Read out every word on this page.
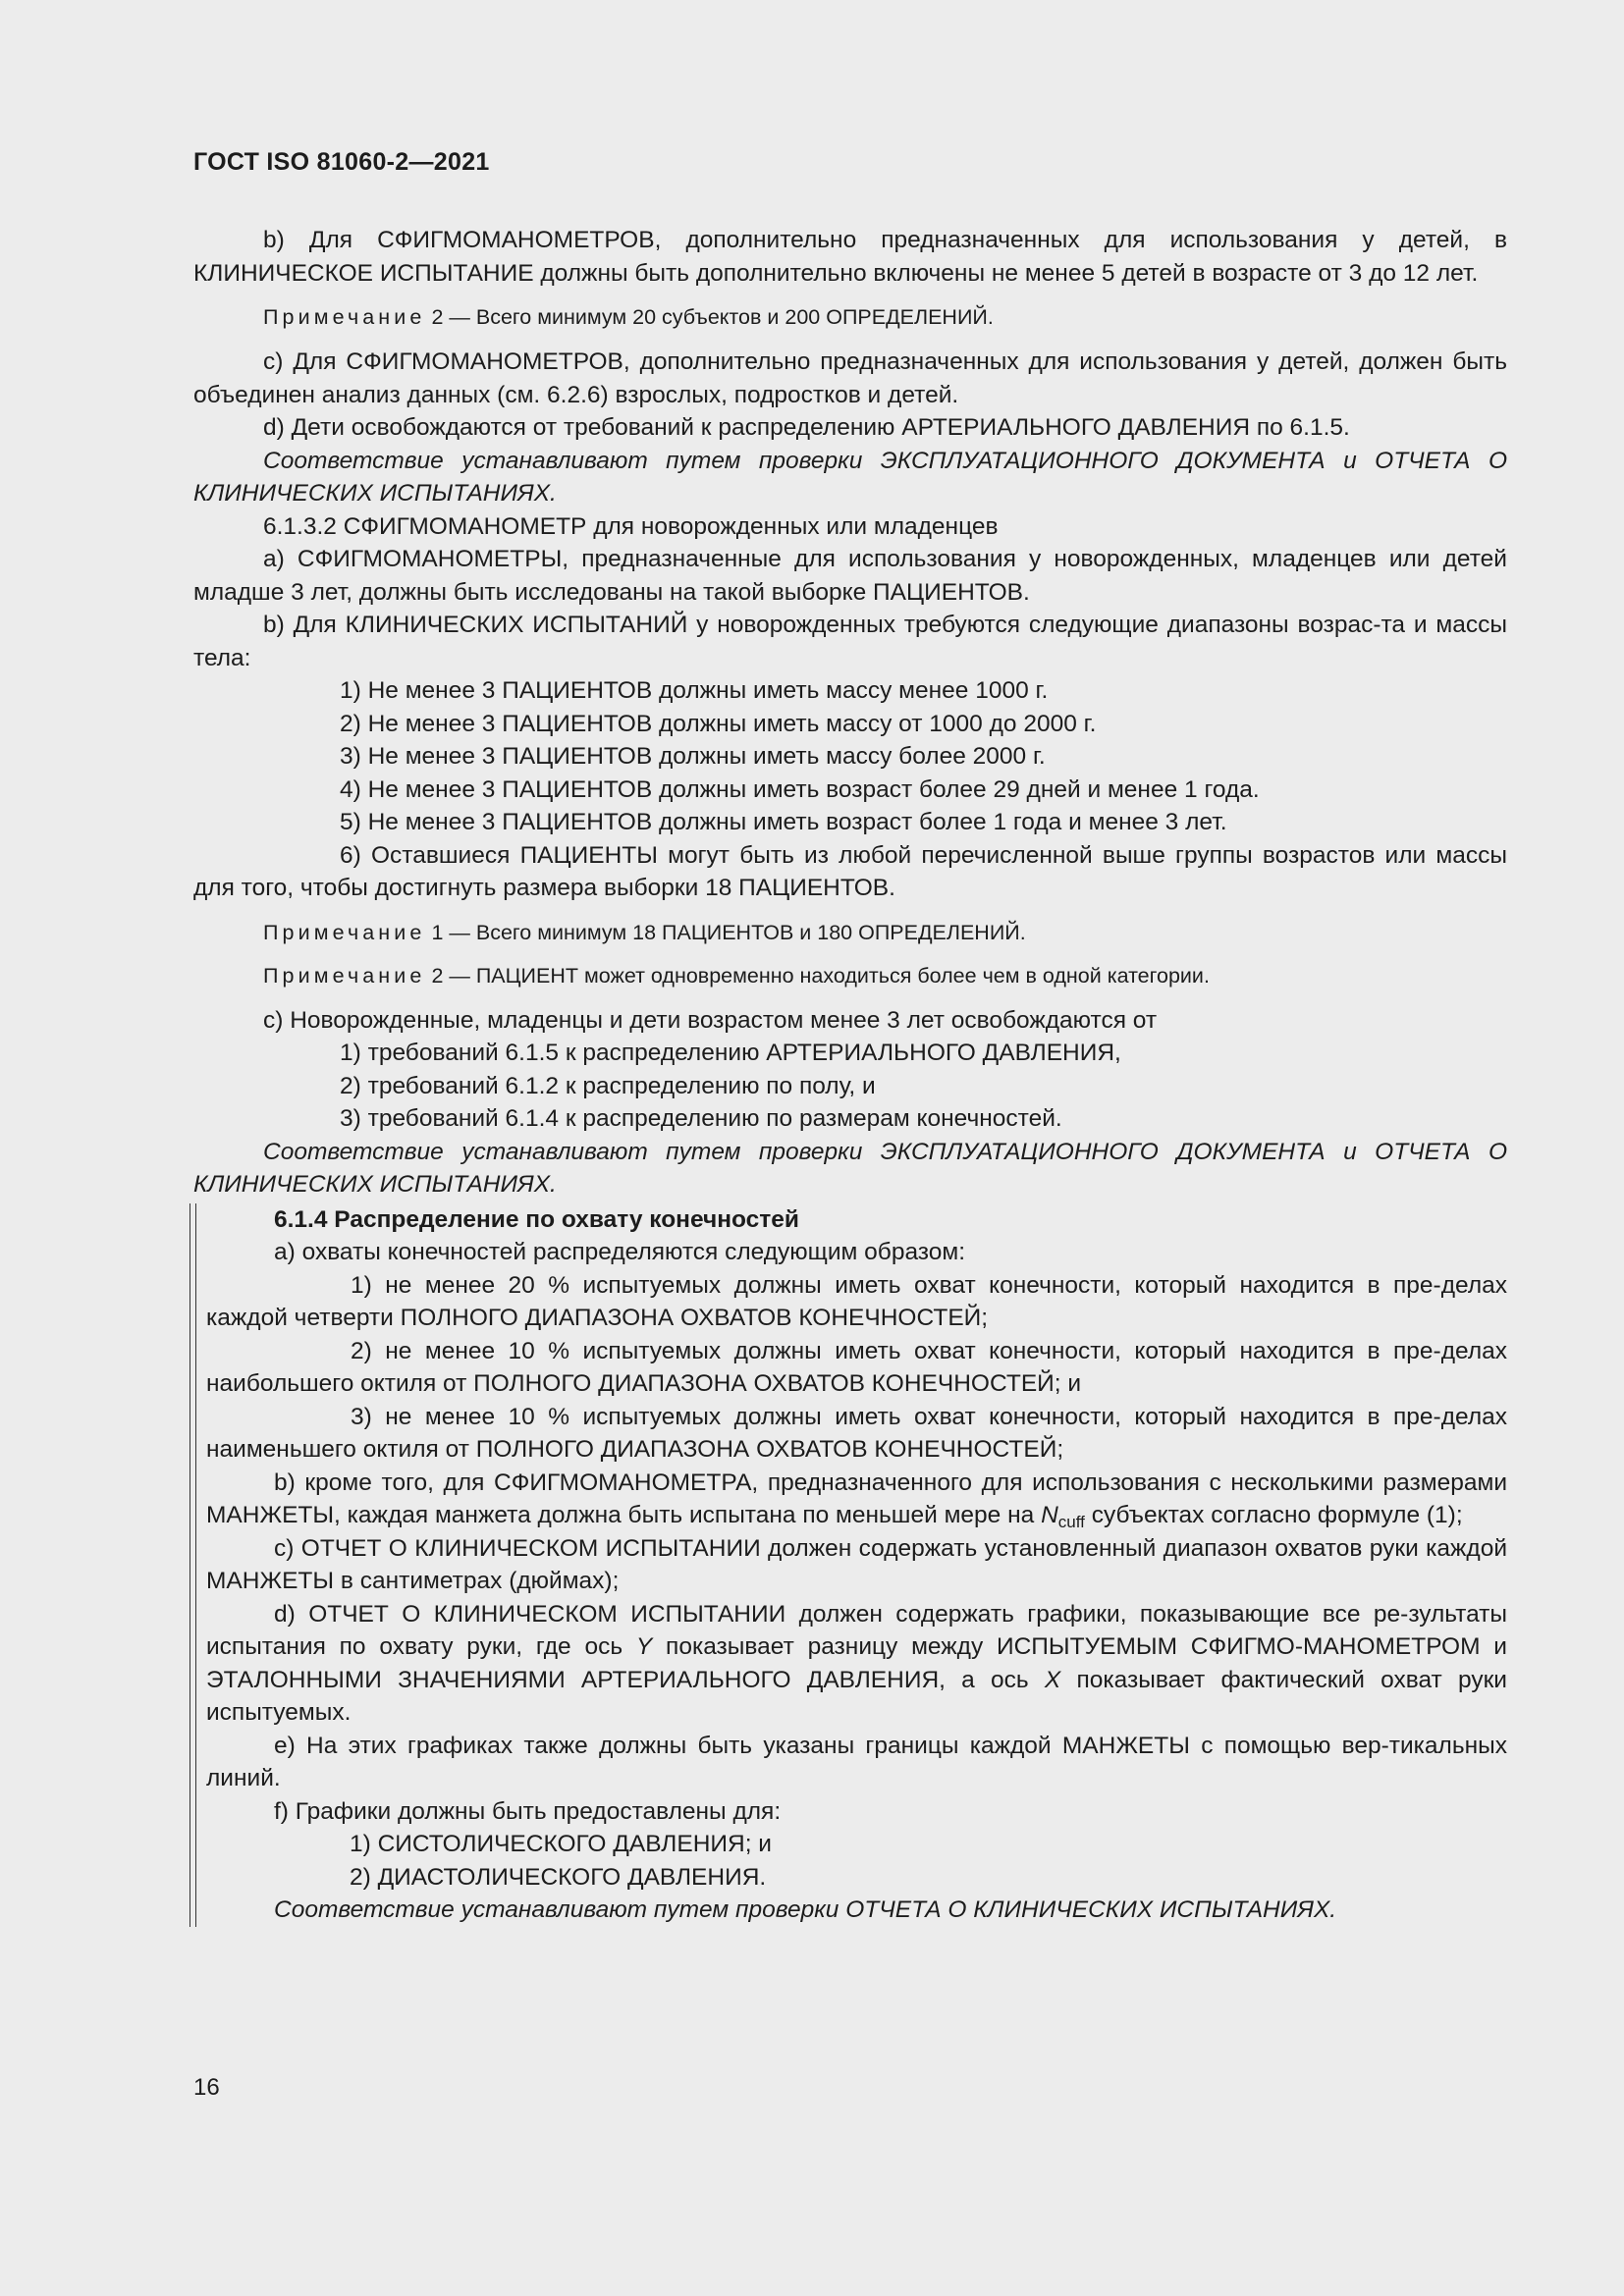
ГОСТ ISO 81060-2—2021

b) Для СФИГМОМАНОМЕТРОВ, дополнительно предназначенных для использования у детей, в КЛИНИЧЕСКОЕ ИСПЫТАНИЕ должны быть дополнительно включены не менее 5 детей в возрасте от 3 до 12 лет.

Примечание 2 — Всего минимум 20 субъектов и 200 ОПРЕДЕЛЕНИЙ.

c) Для СФИГМОМАНОМЕТРОВ, дополнительно предназначенных для использования у детей, должен быть объединен анализ данных (см. 6.2.6) взрослых, подростков и детей.

d) Дети освобождаются от требований к распределению АРТЕРИАЛЬНОГО ДАВЛЕНИЯ по 6.1.5.

Соответствие устанавливают путем проверки ЭКСПЛУАТАЦИОННОГО ДОКУМЕНТА и ОТЧЕТА О КЛИНИЧЕСКИХ ИСПЫТАНИЯХ.

6.1.3.2 СФИГМОМАНОМЕТР для новорожденных или младенцев

a) СФИГМОМАНОМЕТРЫ, предназначенные для использования у новорожденных, младенцев или детей младше 3 лет, должны быть исследованы на такой выборке ПАЦИЕНТОВ.

b) Для КЛИНИЧЕСКИХ ИСПЫТАНИЙ у новорожденных требуются следующие диапазоны возрас-та и массы тела:

1) Не менее 3 ПАЦИЕНТОВ должны иметь массу менее 1000 г.

2) Не менее 3 ПАЦИЕНТОВ должны иметь массу от 1000 до 2000 г.

3) Не менее 3 ПАЦИЕНТОВ должны иметь массу более 2000 г.

4) Не менее 3 ПАЦИЕНТОВ должны иметь возраст более 29 дней и менее 1 года.

5) Не менее 3 ПАЦИЕНТОВ должны иметь возраст более 1 года и менее 3 лет.

6) Оставшиеся ПАЦИЕНТЫ могут быть из любой перечисленной выше группы возрастов или массы для того, чтобы достигнуть размера выборки 18 ПАЦИЕНТОВ.

Примечание 1 — Всего минимум 18 ПАЦИЕНТОВ и 180 ОПРЕДЕЛЕНИЙ.
Примечание 2 — ПАЦИЕНТ может одновременно находиться более чем в одной категории.

c) Новорожденные, младенцы и дети возрастом менее 3 лет освобождаются от

1) требований 6.1.5 к распределению АРТЕРИАЛЬНОГО ДАВЛЕНИЯ,

2) требований 6.1.2 к распределению по полу, и

3) требований 6.1.4 к распределению по размерам конечностей.

Соответствие устанавливают путем проверки ЭКСПЛУАТАЦИОННОГО ДОКУМЕНТА и ОТЧЕТА О КЛИНИЧЕСКИХ ИСПЫТАНИЯХ.

6.1.4 Распределение по охвату конечностей

a) охваты конечностей распределяются следующим образом:

1) не менее 20 % испытуемых должны иметь охват конечности, который находится в пре-делах каждой четверти ПОЛНОГО ДИАПАЗОНА ОХВАТОВ КОНЕЧНОСТЕЙ;

2) не менее 10 % испытуемых должны иметь охват конечности, который находится в пре-делах наибольшего октиля от ПОЛНОГО ДИАПАЗОНА ОХВАТОВ КОНЕЧНОСТЕЙ; и

3) не менее 10 % испытуемых должны иметь охват конечности, который находится в пре-делах наименьшего октиля от ПОЛНОГО ДИАПАЗОНА ОХВАТОВ КОНЕЧНОСТЕЙ;

b) кроме того, для СФИГМОМАНОМЕТРА, предназначенного для использования с несколькими размерами МАНЖЕТЫ, каждая манжета должна быть испытана по меньшей мере на $N_{cuff}$ субъектах согласно формуле (1);

c) ОТЧЕТ О КЛИНИЧЕСКОМ ИСПЫТАНИИ должен содержать установленный диапазон охватов руки каждой МАНЖЕТЫ в сантиметрах (дюймах);

d) ОТЧЕТ О КЛИНИЧЕСКОМ ИСПЫТАНИИ должен содержать графики, показывающие все ре-зультаты испытания по охвату руки, где ось Y показывает разницу между ИСПЫТУЕМЫМ СФИГМО-МАНОМЕТРОМ и ЭТАЛОННЫМИ ЗНАЧЕНИЯМИ АРТЕРИАЛЬНОГО ДАВЛЕНИЯ, а ось X показывает фактический охват руки испытуемых.

e) На этих графиках также должны быть указаны границы каждой МАНЖЕТЫ с помощью вер-тикальных линий.

f) Графики должны быть предоставлены для:

1) СИСТОЛИЧЕСКОГО ДАВЛЕНИЯ; и

2) ДИАСТОЛИЧЕСКОГО ДАВЛЕНИЯ.

Соответствие устанавливают путем проверки ОТЧЕТА О КЛИНИЧЕСКИХ ИСПЫТАНИЯХ.

16
